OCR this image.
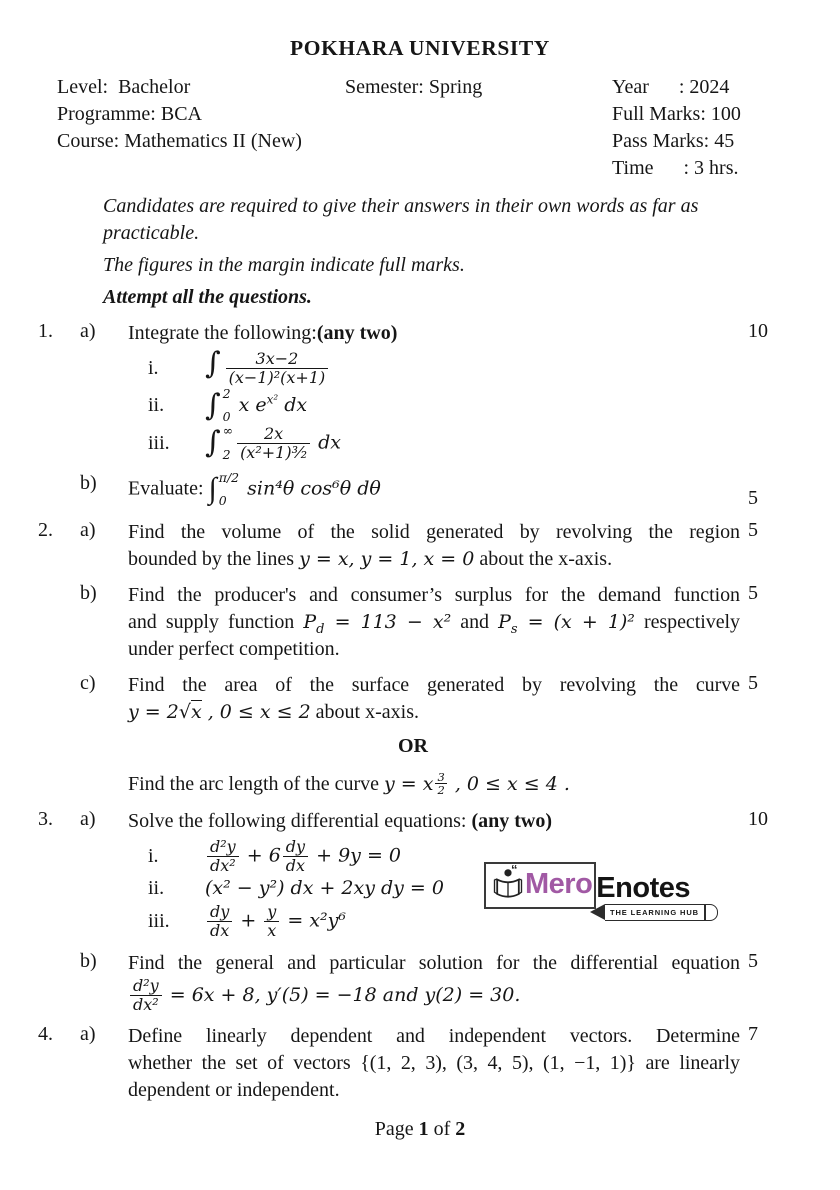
POKHARA UNIVERSITY
Level:  Bachelor	Semester: Spring	Year      : 2024
Programme: BCA	Full Marks: 100
Course: Mathematics II (New)	Pass Marks: 45
Time      : 3 hrs.
Candidates are required to give their answers in their own words as far as practicable.
The figures in the margin indicate full marks.
Attempt all the questions.
1.	a)	Integrate the following:(any two)
i.	∫ $\frac{3x-2}{\text{(x−1)²(x+1)}}$
ii.	∫ 2
0
x $e^{x^2}$ dx
iii.	∫ ∞
$2 \frac{2x}{\text{(x²+1)³⁄₂}}$ dx
10
b)	Evaluate: ∫ π/2
0
sin⁴θ cos⁶θ dθ	5
2.	a)	Find the volume of the solid generated by revolving the region
bounded by the lines y = x, y = 1, x = 0 about the x-axis.
5
b)	Find the producer's and consumer’s surplus for the demand function
and supply function $P_d = 113 - x^2$ and $P_s = (x + 1)^2$ respectively
under perfect competition.
5
c)	Find the area of the surface generated by revolving the curve
y = 2√x , 0 ≤ x ≤ 2 about x-axis.
5
OR
Find the arc length of the curve y = x $\frac{3}{2}$ , 0 ≤ x ≤ 4 .
3.	a)	Solve the following differential equations: (any two)
i.	$\frac{\text{d²y}}{\text{dx²}} + 6 \frac{dy}{dx} + 9y = 0$
ii.	(x² − y²) dx + 2xy dy = 0
iii.	$\frac{dy}{dx} + \frac{y}{x} = x^2y^6$
“ Mero Enotes
THE LEARNING HUB
10
b)	Find the general and particular solution for the differential equation
$\frac{\text{d²y}}{\text{dx²}} = 6x + 8$, y′(5) = −18 and y(2) = 30.
5
4.	a)	Define linearly dependent and independent vectors. Determine
whether the set of vectors {(1, 2, 3), (3, 4, 5), (1, −1, 1)} are linearly
dependent or independent.
7
Page 1 of 2
